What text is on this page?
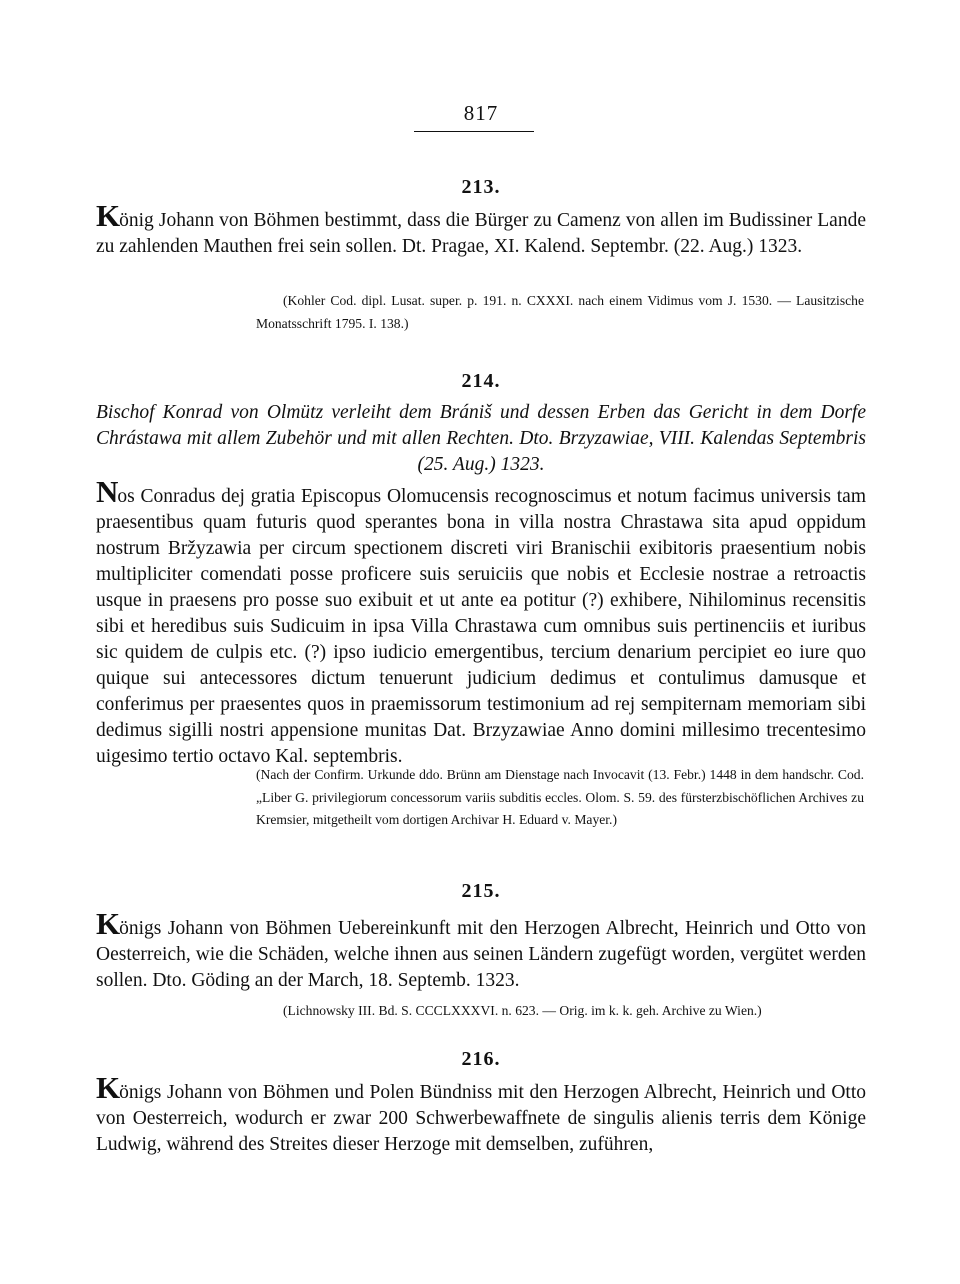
817
213.

König Johann von Böhmen bestimmt, dass die Bürger zu Camenz von allen im Budissiner Lande zu zahlenden Mauthen frei sein sollen. Dt. Pragae, XI. Kalend. Septembr. (22. Aug.) 1323.

(Kohler Cod. dipl. Lusat. super. p. 191. n. CXXXI. nach einem Vidimus vom J. 1530. — Lausitzische Monatsschrift 1795. I. 138.)

214.

Bischof Konrad von Olmütz verleiht dem Brániš und dessen Erben das Gericht in dem Dorfe Chrástawa mit allem Zubehör und mit allen Rechten. Dto. Brzyzawiae, VIII. Kalendas Septembris (25. Aug.) 1323.

Nos Conradus dej gratia Episcopus Olomucensis recognoscimus et notum facimus universis tam praesentibus quam futuris quod sperantes bona in villa nostra Chrastawa sita apud oppidum nostrum Bržyzawia per circum spectionem discreti viri Branischii exibitoris praesentium nobis multipliciter comendati posse proficere suis seruiciis que nobis et Ecclesie nostrae a retroactis usque in praesens pro posse suo exibuit et ut ante ea potitur (?) exhibere, Nihilominus recensitis sibi et heredibus suis Sudicuim in ipsa Villa Chrastawa cum omnibus suis pertinenciis et iuribus sic quidem de culpis etc. (?) ipso iudicio emergentibus, tercium denarium percipiet eo iure quo quique sui antecessores dictum tenuerunt judicium dedimus et contulimus damusque et conferimus per praesentes quos in praemissorum testimonium ad rej sempiternam memoriam sibi dedimus sigilli nostri appensione munitas Dat. Brzyzawiae Anno domini millesimo trecentesimo uigesimo tertio octavo Kal. septembris.

(Nach der Confirm. Urkunde ddo. Brünn am Dienstage nach Invocavit (13. Febr.) 1448 in dem handschr. Cod. „Liber G. privilegiorum concessorum variis subditis eccles. Olom. S. 59. des fürsterzbischöflichen Archives zu Kremsier, mitgetheilt vom dortigen Archivar H. Eduard v. Mayer.)

215.

Königs Johann von Böhmen Uebereinkunft mit den Herzogen Albrecht, Heinrich und Otto von Oesterreich, wie die Schäden, welche ihnen aus seinen Ländern zugefügt worden, vergütet werden sollen. Dto. Göding an der March, 18. Septemb. 1323.

(Lichnowsky III. Bd. S. CCCLXXXVI. n. 623. — Orig. im k. k. geh. Archive zu Wien.)

216.

Königs Johann von Böhmen und Polen Bündniss mit den Herzogen Albrecht, Heinrich und Otto von Oesterreich, wodurch er zwar 200 Schwerbewaffnete de singulis alienis terris dem Könige Ludwig, während des Streites dieser Herzoge mit demselben, zuführen,
